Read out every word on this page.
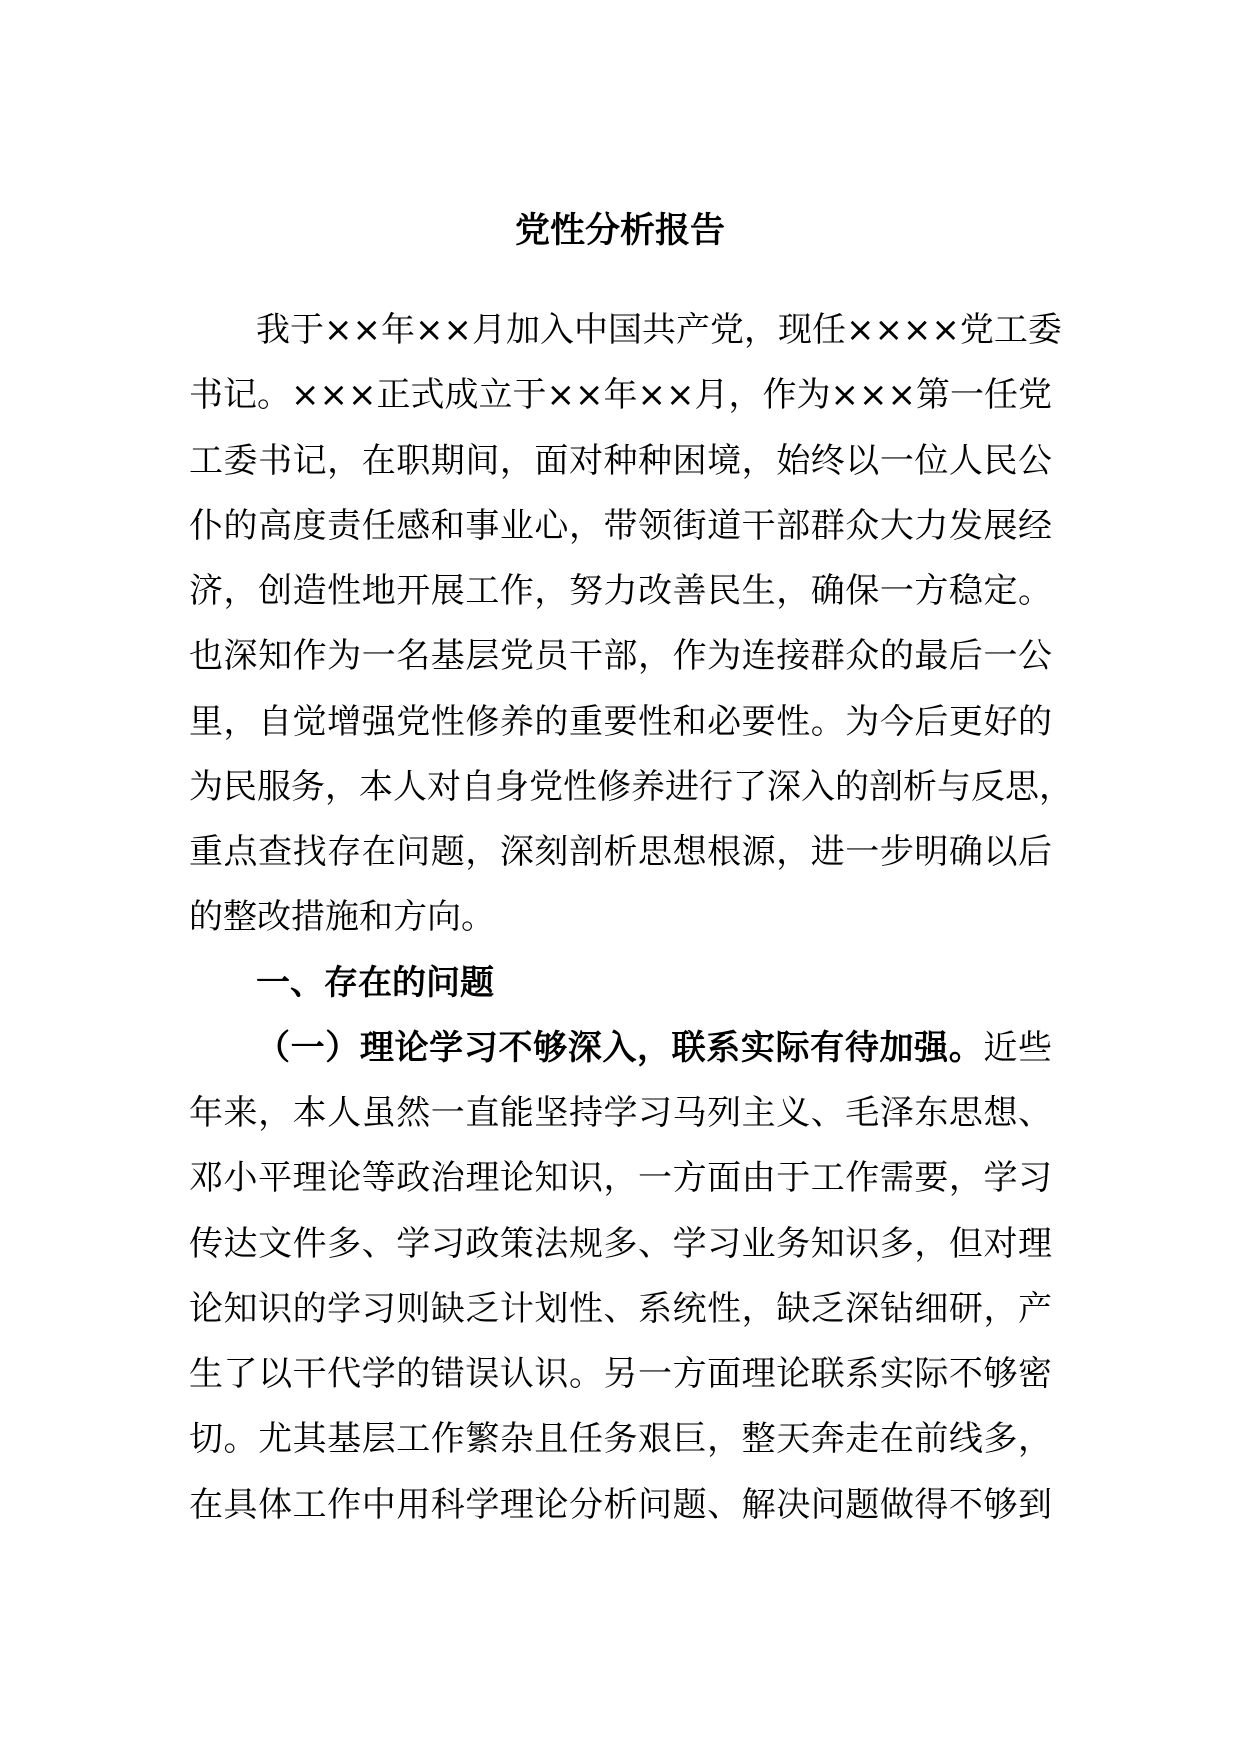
党性分析报告
我于××年××月加入中国共产党，现任××××党工委
书记。×××正式成立于××年××月，作为×××第一任党
工委书记，在职期间，面对种种困境，始终以一位人民公
仆的高度责任感和事业心，带领街道干部群众大力发展经
济，创造性地开展工作，努力改善民生，确保一方稳定。
也深知作为一名基层党员干部，作为连接群众的最后一公
里，自觉增强党性修养的重要性和必要性。为今后更好的
为民服务，本人对自身党性修养进行了深入的剖析与反思，
重点查找存在问题，深刻剖析思想根源，进一步明确以后
的整改措施和方向。
一、存在的问题
（一）理论学习不够深入，联系实际有待加强。近些
年来，本人虽然一直能坚持学习马列主义、毛泽东思想、
邓小平理论等政治理论知识，一方面由于工作需要，学习
传达文件多、学习政策法规多、学习业务知识多，但对理
论知识的学习则缺乏计划性、系统性，缺乏深钻细研，产
生了以干代学的错误认识。另一方面理论联系实际不够密
切。尤其基层工作繁杂且任务艰巨，整天奔走在前线多，
在具体工作中用科学理论分析问题、解决问题做得不够到
